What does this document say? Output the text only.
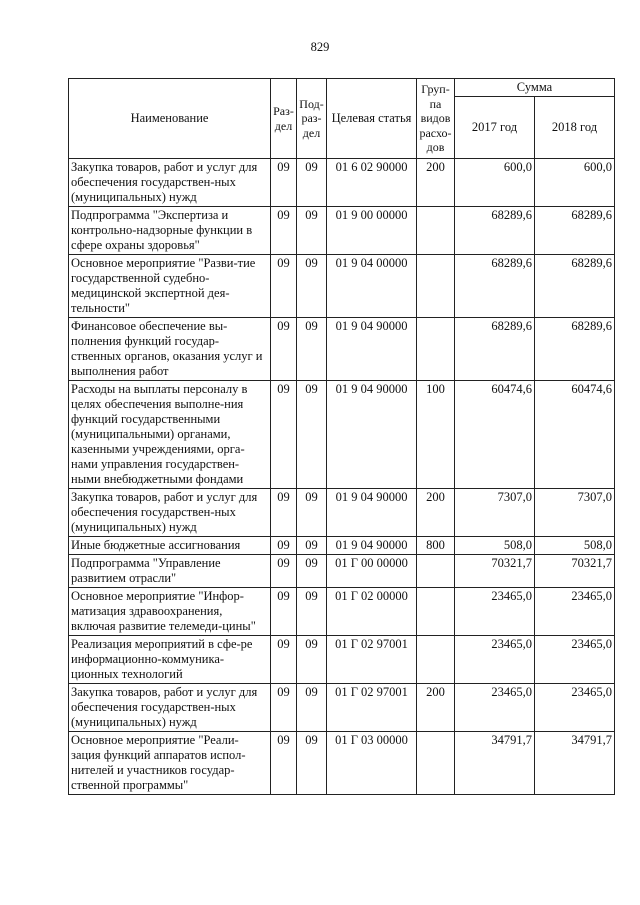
829
Наименование	Раз-дел	Под-раз-дел	Целевая статья	Груп-па видов расхо-дов	Сумма	
					2017 год	2018 год
Закупка товаров, работ и услуг для обеспечения государствен-ных (муниципальных) нужд	09	09	01 6 02 90000	200	600,0	600,0
Подпрограмма "Экспертиза и контрольно-надзорные функции в сфере охраны здоровья"	09	09	01 9 00 00000		68289,6	68289,6
Основное мероприятие "Разви-тие государственной судебно-медицинской экспертной дея-тельности"	09	09	01 9 04 00000		68289,6	68289,6
Финансовое обеспечение вы-полнения функций государ-ственных органов, оказания услуг и выполнения работ	09	09	01 9 04 90000		68289,6	68289,6
Расходы на выплаты персоналу в целях обеспечения выполне-ния функций государственными (муниципальными) органами, казенными учреждениями, орга-нами управления государствен-ными внебюджетными фондами	09	09	01 9 04 90000	100	60474,6	60474,6
Закупка товаров, работ и услуг для обеспечения государствен-ных (муниципальных) нужд	09	09	01 9 04 90000	200	7307,0	7307,0
Иные бюджетные ассигнования	09	09	01 9 04 90000	800	508,0	508,0
Подпрограмма "Управление развитием отрасли"	09	09	01 Г 00 00000		70321,7	70321,7
Основное мероприятие "Инфор-матизация здравоохранения, включая развитие телемеди-цины"	09	09	01 Г 02 00000		23465,0	23465,0
Реализация мероприятий в сфе-ре информационно-коммуника-ционных технологий	09	09	01 Г 02 97001		23465,0	23465,0
Закупка товаров, работ и услуг для обеспечения государствен-ных (муниципальных) нужд	09	09	01 Г 02 97001	200	23465,0	23465,0
Основное мероприятие "Реали-зация функций аппаратов испол-нителей и участников государ-ственной программы"	09	09	01 Г 03 00000		34791,7	34791,7
